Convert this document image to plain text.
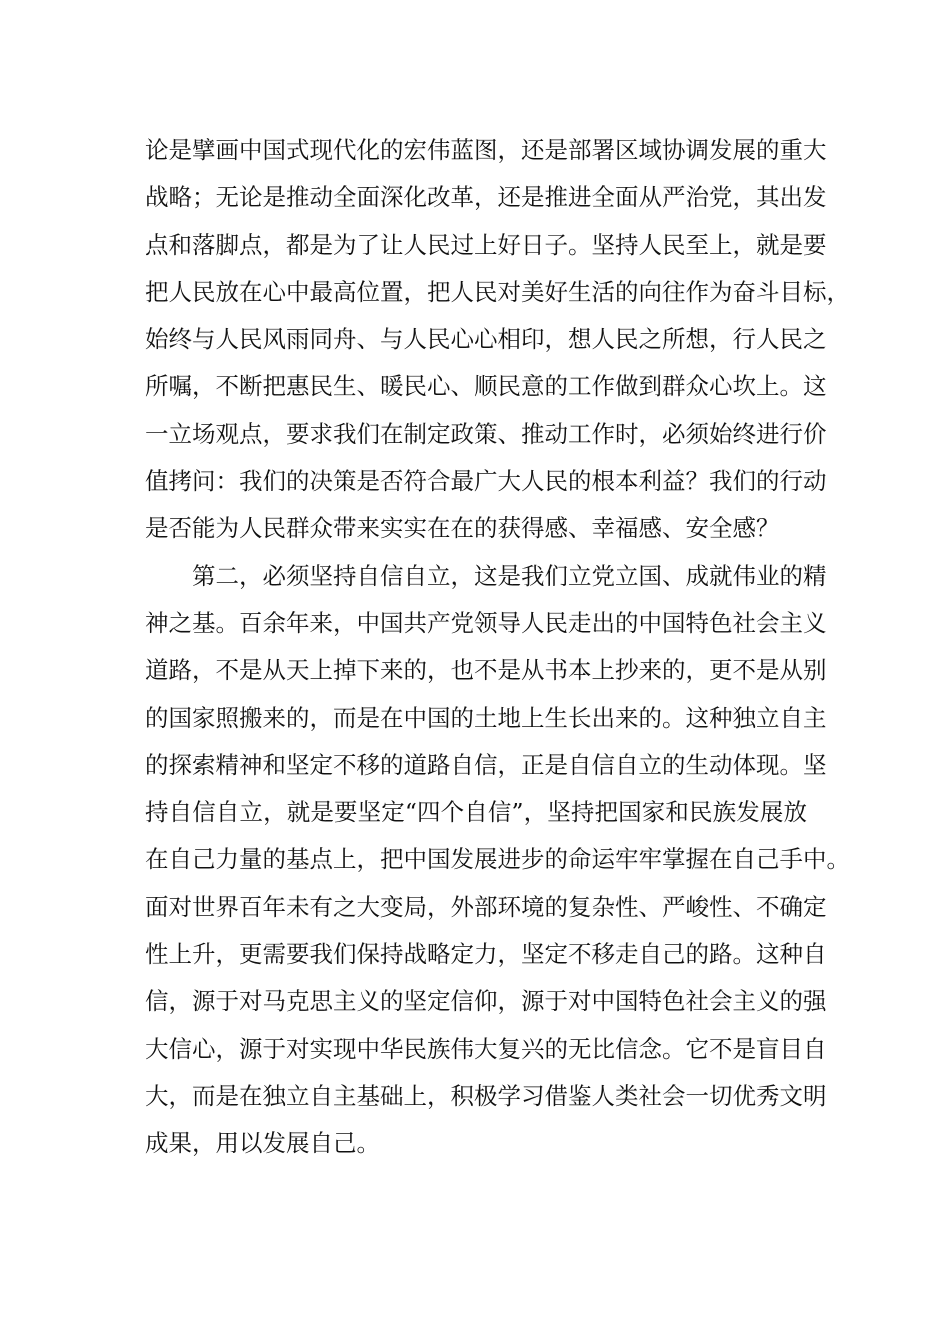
论是擘画中国式现代化的宏伟蓝图，还是部署区域协调发展的重大
战略；无论是推动全面深化改革，还是推进全面从严治党，其出发
点和落脚点，都是为了让人民过上好日子。坚持人民至上，就是要
把人民放在心中最高位置，把人民对美好生活的向往作为奋斗目标，
始终与人民风雨同舟、与人民心心相印，想人民之所想，行人民之
所嘱，不断把惠民生、暖民心、顺民意的工作做到群众心坎上。这
一立场观点，要求我们在制定政策、推动工作时，必须始终进行价
值拷问：我们的决策是否符合最广大人民的根本利益？我们的行动
是否能为人民群众带来实实在在的获得感、幸福感、安全感？
第二，必须坚持自信自立，这是我们立党立国、成就伟业的精
神之基。百余年来，中国共产党领导人民走出的中国特色社会主义
道路，不是从天上掉下来的，也不是从书本上抄来的，更不是从别
的国家照搬来的，而是在中国的土地上生长出来的。这种独立自主
的探索精神和坚定不移的道路自信，正是自信自立的生动体现。坚
持自信自立，就是要坚定“四个自信”，坚持把国家和民族发展放
在自己力量的基点上，把中国发展进步的命运牢牢掌握在自己手中。
面对世界百年未有之大变局，外部环境的复杂性、严峻性、不确定
性上升，更需要我们保持战略定力，坚定不移走自己的路。这种自
信，源于对马克思主义的坚定信仰，源于对中国特色社会主义的强
大信心，源于对实现中华民族伟大复兴的无比信念。它不是盲目自
大，而是在独立自主基础上，积极学习借鉴人类社会一切优秀文明
成果，用以发展自己。
